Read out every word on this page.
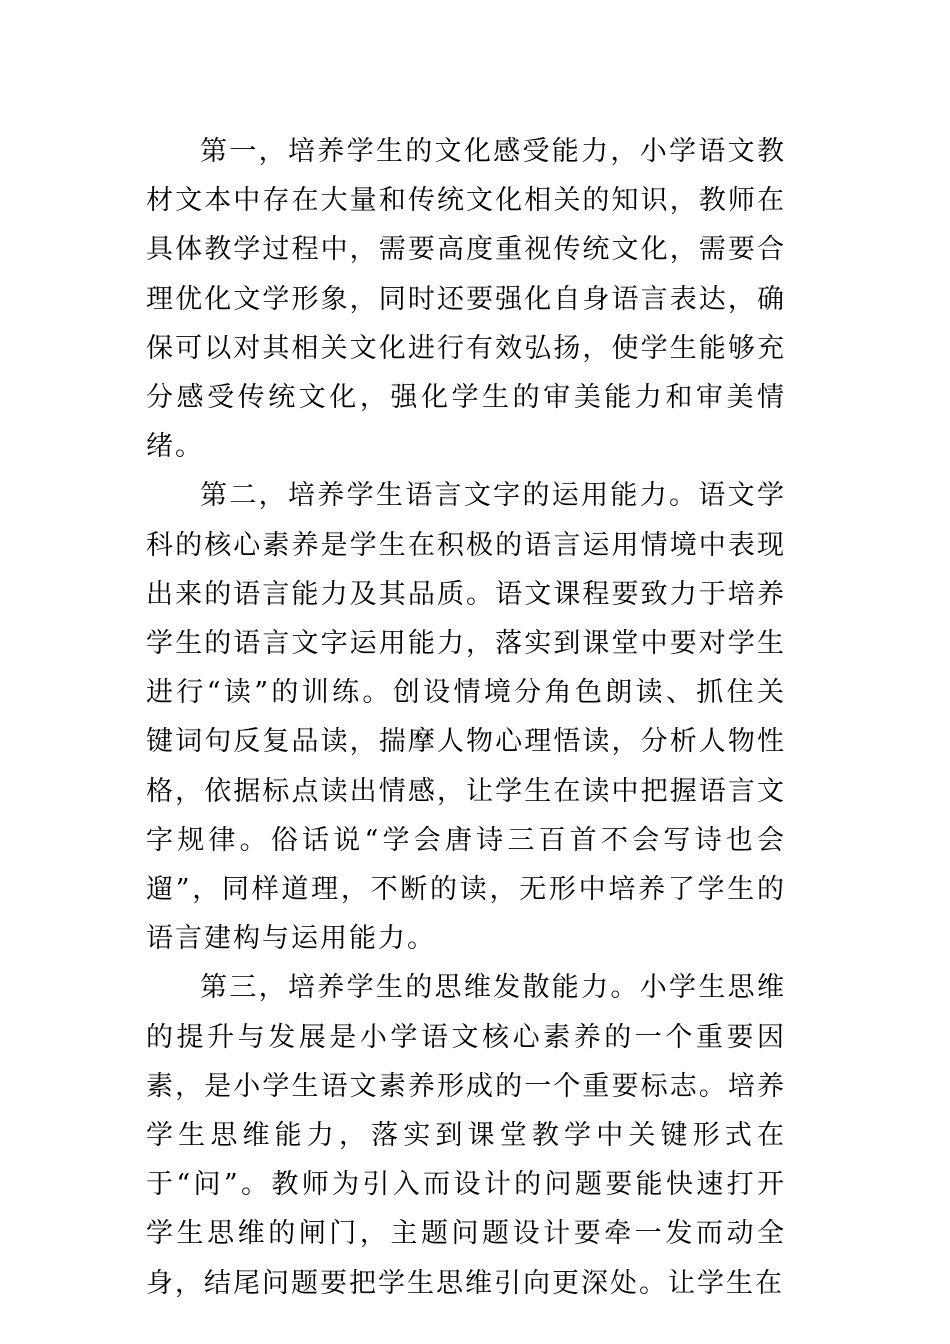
第一，培养学生的文化感受能力，小学语文教材文本中存在大量和传统文化相关的知识，教师在具体教学过程中，需要高度重视传统文化，需要合理优化文学形象，同时还要强化自身语言表达，确保可以对其相关文化进行有效弘扬，使学生能够充分感受传统文化，强化学生的审美能力和审美情绪。

第二，培养学生语言文字的运用能力。语文学科的核心素养是学生在积极的语言运用情境中表现出来的语言能力及其品质。语文课程要致力于培养学生的语言文字运用能力，落实到课堂中要对学生进行“读”的训练。创设情境分角色朗读、抓住关键词句反复品读，揣摩人物心理悟读，分析人物性格，依据标点读出情感，让学生在读中把握语言文字规律。俗话说“学会唐诗三百首不会写诗也会遛”，同样道理，不断的读，无形中培养了学生的语言建构与运用能力。

第三，培养学生的思维发散能力。小学生思维的提升与发展是小学语文核心素养的一个重要因素，是小学生语文素养形成的一个重要标志。培养学生思维能力，落实到课堂教学中关键形式在于“问”。教师为引入而设计的问题要能快速打开学生思维的闸门，主题问题设计要牵一发而动全身，结尾问题要把学生思维引向更深处。让学生在
